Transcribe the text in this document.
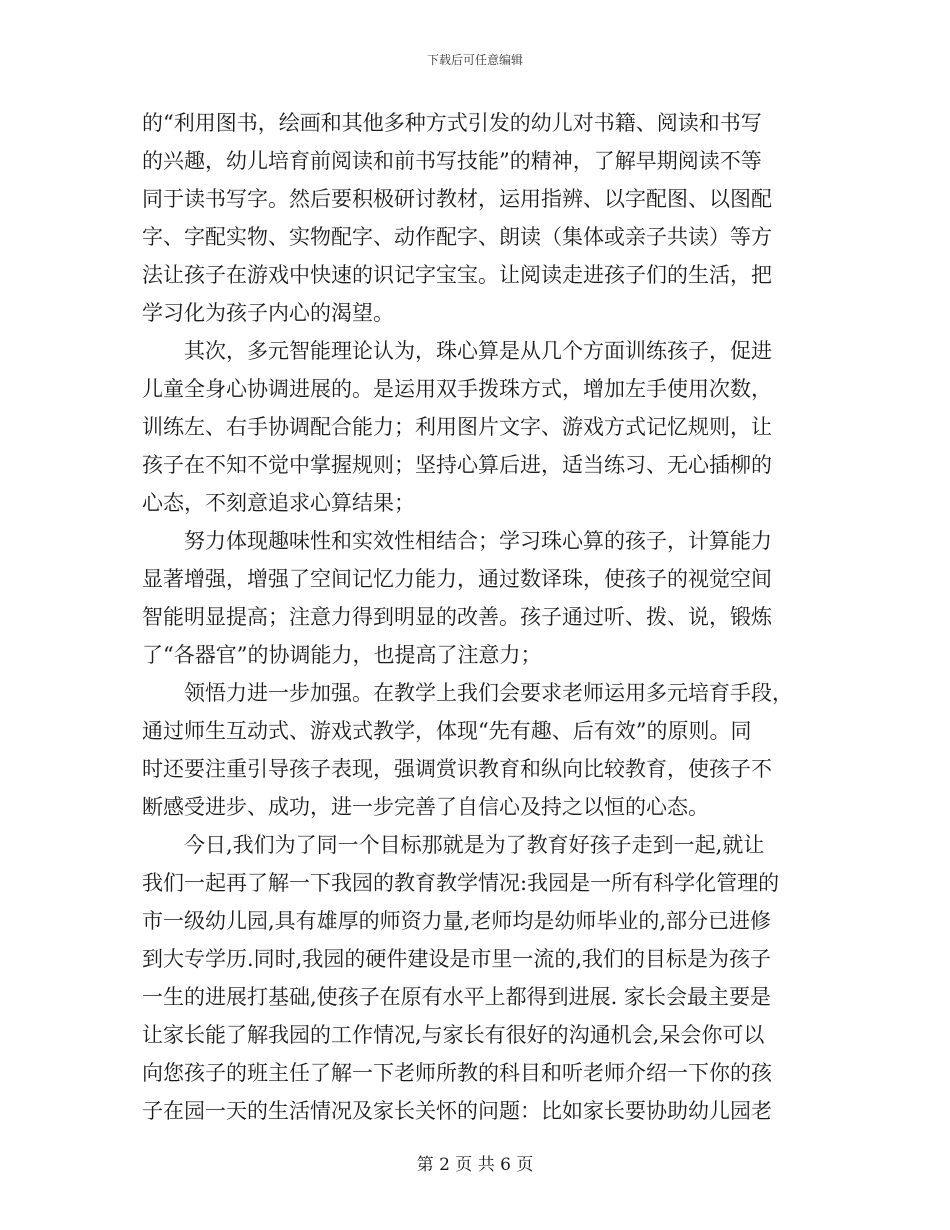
下载后可任意编辑
的“利用图书，绘画和其他多种方式引发的幼儿对书籍、阅读和书写
的兴趣，幼儿培育前阅读和前书写技能”的精神，了解早期阅读不等
同于读书写字。然后要积极研讨教材，运用指辨、以字配图、以图配
字、字配实物、实物配字、动作配字、朗读（集体或亲子共读）等方
法让孩子在游戏中快速的识记字宝宝。让阅读走进孩子们的生活，把
学习化为孩子内心的渴望。
其次，多元智能理论认为，珠心算是从几个方面训练孩子，促进
儿童全身心协调进展的。是运用双手拨珠方式，增加左手使用次数，
训练左、右手协调配合能力；利用图片文字、游戏方式记忆规则，让
孩子在不知不觉中掌握规则；坚持心算后进，适当练习、无心插柳的
心态，不刻意追求心算结果；
努力体现趣味性和实效性相结合；学习珠心算的孩子，计算能力
显著增强，增强了空间记忆力能力，通过数译珠，使孩子的视觉空间
智能明显提高；注意力得到明显的改善。孩子通过听、拨、说，锻炼
了“各器官”的协调能力，也提高了注意力；
领悟力进一步加强。在教学上我们会要求老师运用多元培育手段，
通过师生互动式、游戏式教学，体现“先有趣、后有效”的原则。同
时还要注重引导孩子表现，强调赏识教育和纵向比较教育，使孩子不
断感受进步、成功，进一步完善了自信心及持之以恒的心态。
今日,我们为了同一个目标那就是为了教育好孩子走到一起,就让
我们一起再了解一下我园的教育教学情况:我园是一所有科学化管理的
市一级幼儿园,具有雄厚的师资力量,老师均是幼师毕业的,部分已进修
到大专学历.同时,我园的硬件建设是市里一流的,我们的目标是为孩子
一生的进展打基础,使孩子在原有水平上都得到进展. 家长会最主要是
让家长能了解我园的工作情况,与家长有很好的沟通机会,呆会你可以
向您孩子的班主任了解一下老师所教的科目和听老师介绍一下你的孩
子在园一天的生活情况及家长关怀的问题：比如家长要协助幼儿园老
第 2 页 共 6 页
